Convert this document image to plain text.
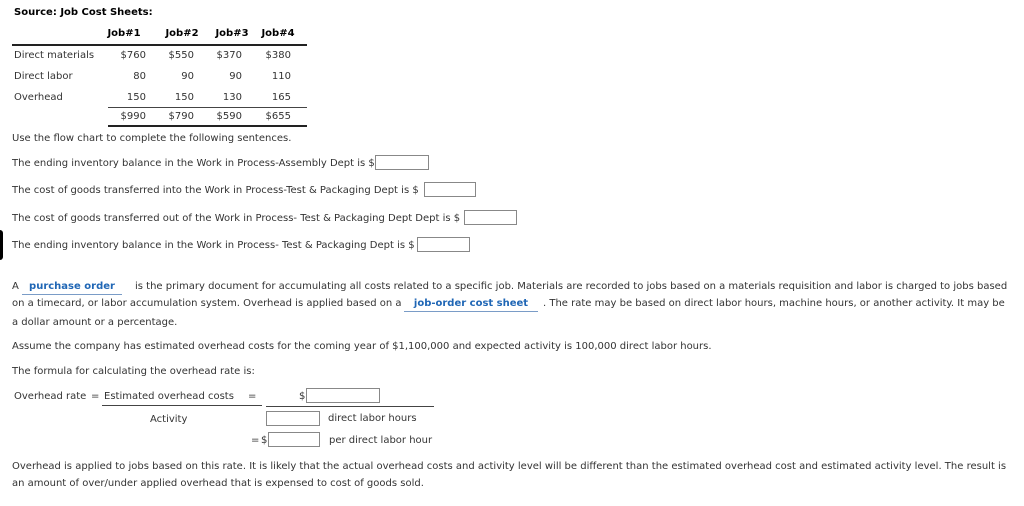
Source: Job Cost Sheets:
Job#1	Job#2	Job#3	Job#4
Direct materials	$760	$550	$370	$380
Direct labor	80	90	90	110
Overhead	150	150	130	165
$990	$790	$590	$655
Use the flow chart to complete the following sentences.
The ending inventory balance in the Work in Process-Assembly Dept is $
The cost of goods transferred into the Work in Process-Test & Packaging Dept is $
The cost of goods transferred out of the Work in Process- Test & Packaging Dept Dept is $
The ending inventory balance in the Work in Process- Test & Packaging Dept is $
A	purchase order	is the primary document for accumulating all costs related to a specific job. Materials are recorded to jobs based on a materials requisition and labor is charged to jobs based
on a timecard, or labor accumulation system. Overhead is applied based on a	job-order cost sheet	. The rate may be based on direct labor hours, machine hours, or another activity. It may be
a dollar amount or a percentage.
Assume the company has estimated overhead costs for the coming year of $1,100,000 and expected activity is 100,000 direct labor hours.
The formula for calculating the overhead rate is:
Overhead rate = Estimated overhead costs =
Activity
$
direct labor hours
= $	per direct labor hour
Overhead is applied to jobs based on this rate. It is likely that the actual overhead costs and activity level will be different than the estimated overhead cost and estimated activity level. The result is an amount of over/under applied overhead that is expensed to cost of goods sold.
